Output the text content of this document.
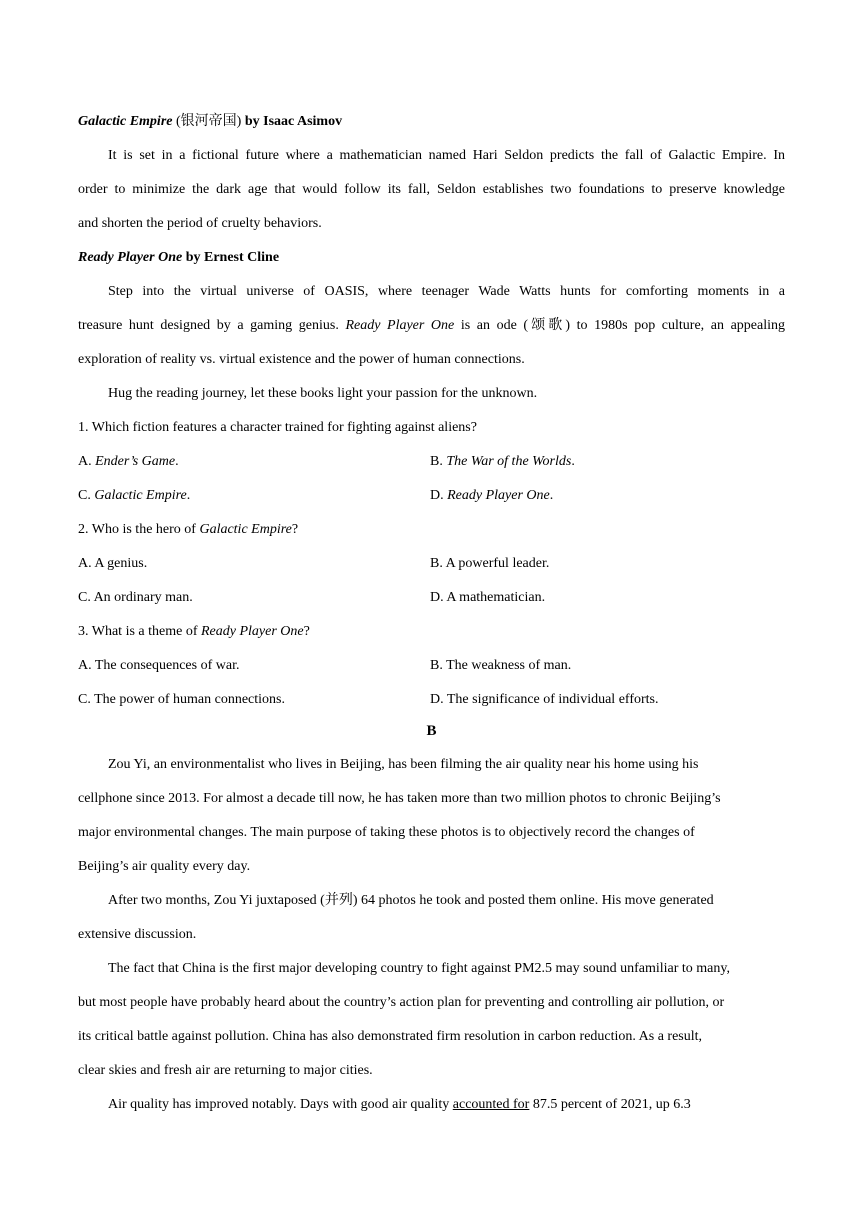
Galactic Empire (银河帝国) by Isaac Asimov
It is set in a fictional future where a mathematician named Hari Seldon predicts the fall of Galactic Empire. In
order to minimize the dark age that would follow its fall, Seldon establishes two foundations to preserve knowledge
and shorten the period of cruelty behaviors.
Ready Player One by Ernest Cline
Step into the virtual universe of OASIS, where teenager Wade Watts hunts for comforting moments in a
treasure hunt designed by a gaming genius. Ready Player One is an ode (颂歌) to 1980s pop culture, an appealing
exploration of reality vs. virtual existence and the power of human connections.
Hug the reading journey, let these books light your passion for the unknown.
1. Which fiction features a character trained for fighting against aliens?
A. Ender’s Game.	B. The War of the Worlds.
C. Galactic Empire.	D. Ready Player One.
2. Who is the hero of Galactic Empire?
A. A genius.	B. A powerful leader.
C. An ordinary man.	D. A mathematician.
3. What is a theme of Ready Player One?
A. The consequences of war.	B. The weakness of man.
C. The power of human connections.	D. The significance of individual efforts.
B
Zou Yi, an environmentalist who lives in Beijing, has been filming the air quality near his home using his
cellphone since 2013. For almost a decade till now, he has taken more than two million photos to chronic Beijing’s
major environmental changes. The main purpose of taking these photos is to objectively record the changes of
Beijing’s air quality every day.
After two months, Zou Yi juxtaposed (并列) 64 photos he took and posted them online. His move generated
extensive discussion.
The fact that China is the first major developing country to fight against PM2.5 may sound unfamiliar to many,
but most people have probably heard about the country’s action plan for preventing and controlling air pollution, or
its critical battle against pollution. China has also demonstrated firm resolution in carbon reduction. As a result,
clear skies and fresh air are returning to major cities.
Air quality has improved notably. Days with good air quality accounted for 87.5 percent of 2021, up 6.3
